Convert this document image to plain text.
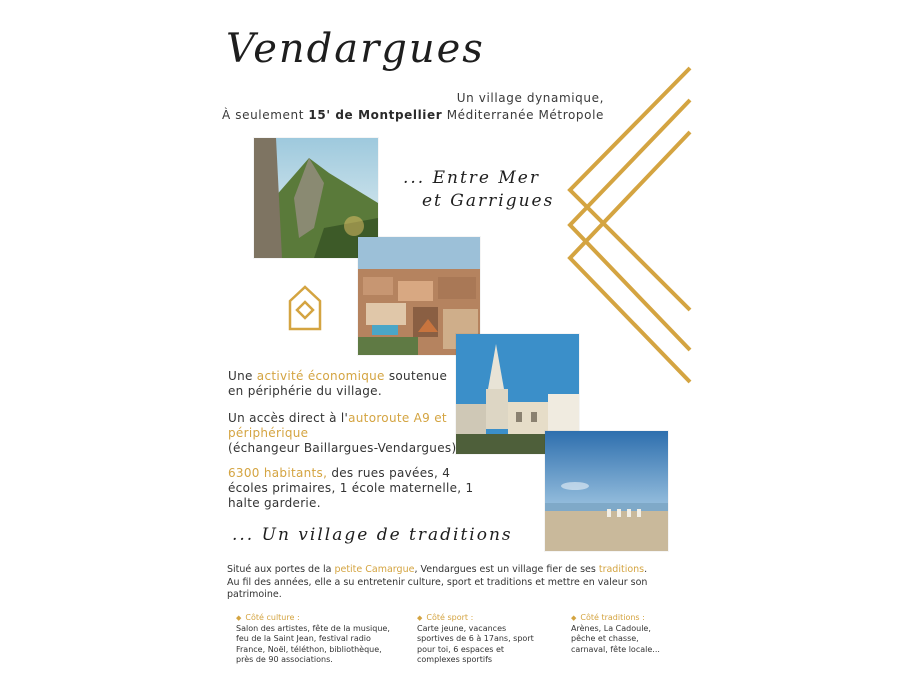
Vendargues
Un village dynamique,
À seulement 15' de Montpellier Méditerranée Métropole
... Entre Mer
et Garrigues
... Un village de traditions
Une activité économique soutenue
en périphérie du village.
Un accès direct à l'autoroute A9 et périphérique
(échangeur Baillargues-Vendargues)
6300 habitants, des rues pavées, 4 écoles primaires, 1 école maternelle, 1 halte garderie.
Situé aux portes de la petite Camargue, Vendargues est un village fier de ses traditions. Au fil des années, elle a su entretenir culture, sport et traditions et mettre en valeur son patrimoine.
◆ Côté culture :
Salon des artistes, fête de la musique, feu de la Saint Jean, festival radio France, Noël, téléthon, bibliothèque, près de 90 associations.
◆ Côté sport :
Carte jeune, vacances sportives de 6 à 17ans, sport pour toi, 6 espaces et complexes sportifs
◆ Côté traditions :
Arènes, La Cadoule, pêche et chasse, carnaval, fête locale...
